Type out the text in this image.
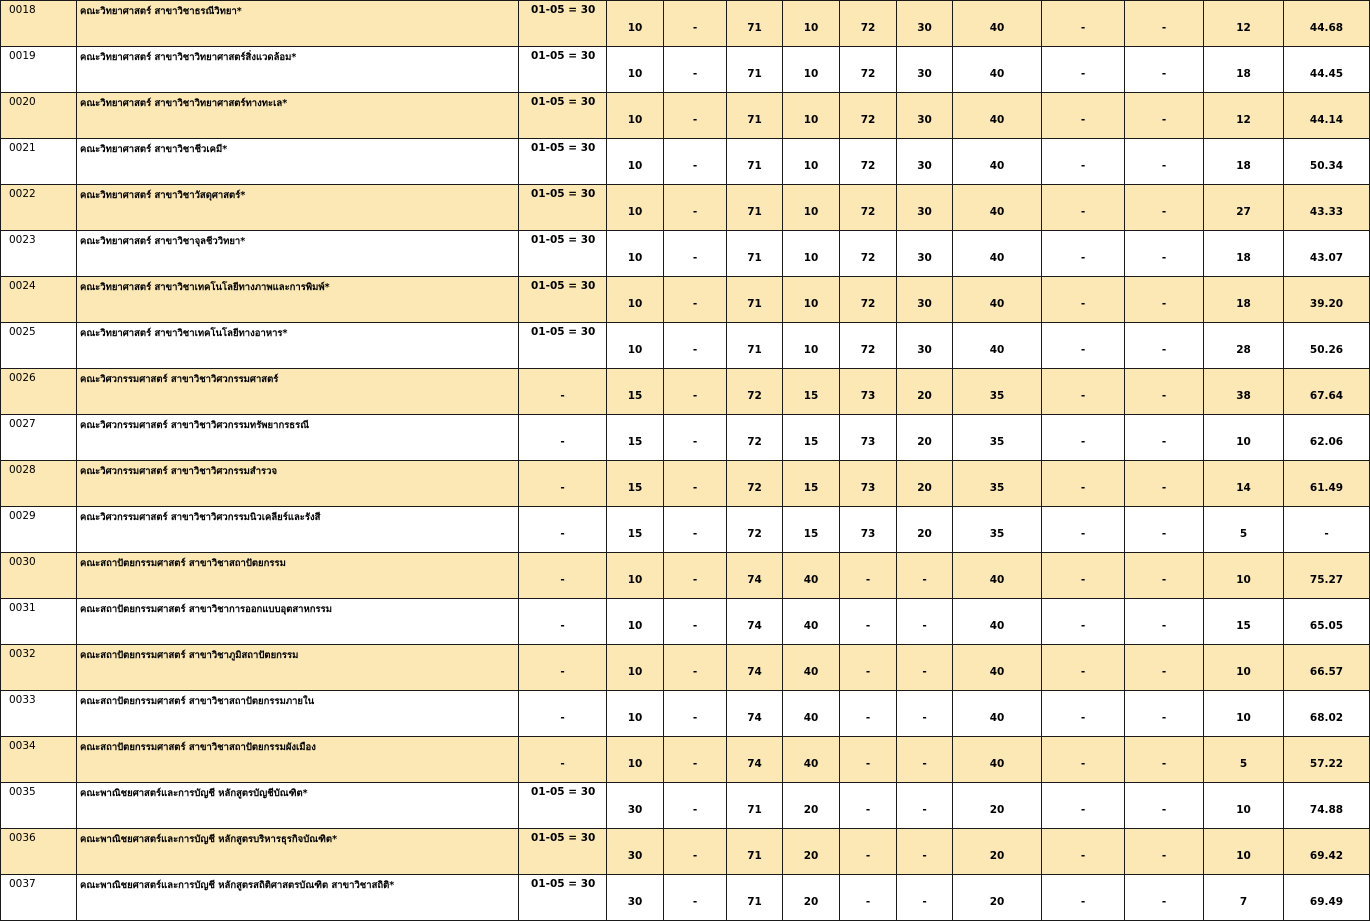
0018	คณะวิทยาศาสตร์ สาขาวิชาธรณีวิทยา*	01-05 = 30	10	-	71	10	72	30	40	-	-	12	44.68
0019	คณะวิทยาศาสตร์ สาขาวิชาวิทยาศาสตร์สิ่งแวดล้อม*	01-05 = 30	10	-	71	10	72	30	40	-	-	18	44.45
0020	คณะวิทยาศาสตร์ สาขาวิชาวิทยาศาสตร์ทางทะเล*	01-05 = 30	10	-	71	10	72	30	40	-	-	12	44.14
0021	คณะวิทยาศาสตร์ สาขาวิชาชีวเคมี*	01-05 = 30	10	-	71	10	72	30	40	-	-	18	50.34
0022	คณะวิทยาศาสตร์ สาขาวิชาวัสดุศาสตร์*	01-05 = 30	10	-	71	10	72	30	40	-	-	27	43.33
0023	คณะวิทยาศาสตร์ สาขาวิชาจุลชีววิทยา*	01-05 = 30	10	-	71	10	72	30	40	-	-	18	43.07
0024	คณะวิทยาศาสตร์ สาขาวิชาเทคโนโลยีทางภาพและการพิมพ์*	01-05 = 30	10	-	71	10	72	30	40	-	-	18	39.20
0025	คณะวิทยาศาสตร์ สาขาวิชาเทคโนโลยีทางอาหาร*	01-05 = 30	10	-	71	10	72	30	40	-	-	28	50.26
0026	คณะวิศวกรรมศาสตร์ สาขาวิชาวิศวกรรมศาสตร์	-	15	-	72	15	73	20	35	-	-	38	67.64
0027	คณะวิศวกรรมศาสตร์ สาขาวิชาวิศวกรรมทรัพยากรธรณี	-	15	-	72	15	73	20	35	-	-	10	62.06
0028	คณะวิศวกรรมศาสตร์ สาขาวิชาวิศวกรรมสำรวจ	-	15	-	72	15	73	20	35	-	-	14	61.49
0029	คณะวิศวกรรมศาสตร์ สาขาวิชาวิศวกรรมนิวเคลียร์และรังสี	-	15	-	72	15	73	20	35	-	-	5	-
0030	คณะสถาปัตยกรรมศาสตร์ สาขาวิชาสถาปัตยกรรม	-	10	-	74	40	-	-	40	-	-	10	75.27
0031	คณะสถาปัตยกรรมศาสตร์ สาขาวิชาการออกแบบอุตสาหกรรม	-	10	-	74	40	-	-	40	-	-	15	65.05
0032	คณะสถาปัตยกรรมศาสตร์ สาขาวิชาภูมิสถาปัตยกรรม	-	10	-	74	40	-	-	40	-	-	10	66.57
0033	คณะสถาปัตยกรรมศาสตร์ สาขาวิชาสถาปัตยกรรมภายใน	-	10	-	74	40	-	-	40	-	-	10	68.02
0034	คณะสถาปัตยกรรมศาสตร์ สาขาวิชาสถาปัตยกรรมผังเมือง	-	10	-	74	40	-	-	40	-	-	5	57.22
0035	คณะพาณิชยศาสตร์และการบัญชี หลักสูตรบัญชีบัณฑิต*	01-05 = 30	30	-	71	20	-	-	20	-	-	10	74.88
0036	คณะพาณิชยศาสตร์และการบัญชี หลักสูตรบริหารธุรกิจบัณฑิต*	01-05 = 30	30	-	71	20	-	-	20	-	-	10	69.42
0037	คณะพาณิชยศาสตร์และการบัญชี หลักสูตรสถิติศาสตรบัณฑิต สาขาวิชาสถิติ*	01-05 = 30	30	-	71	20	-	-	20	-	-	7	69.49
